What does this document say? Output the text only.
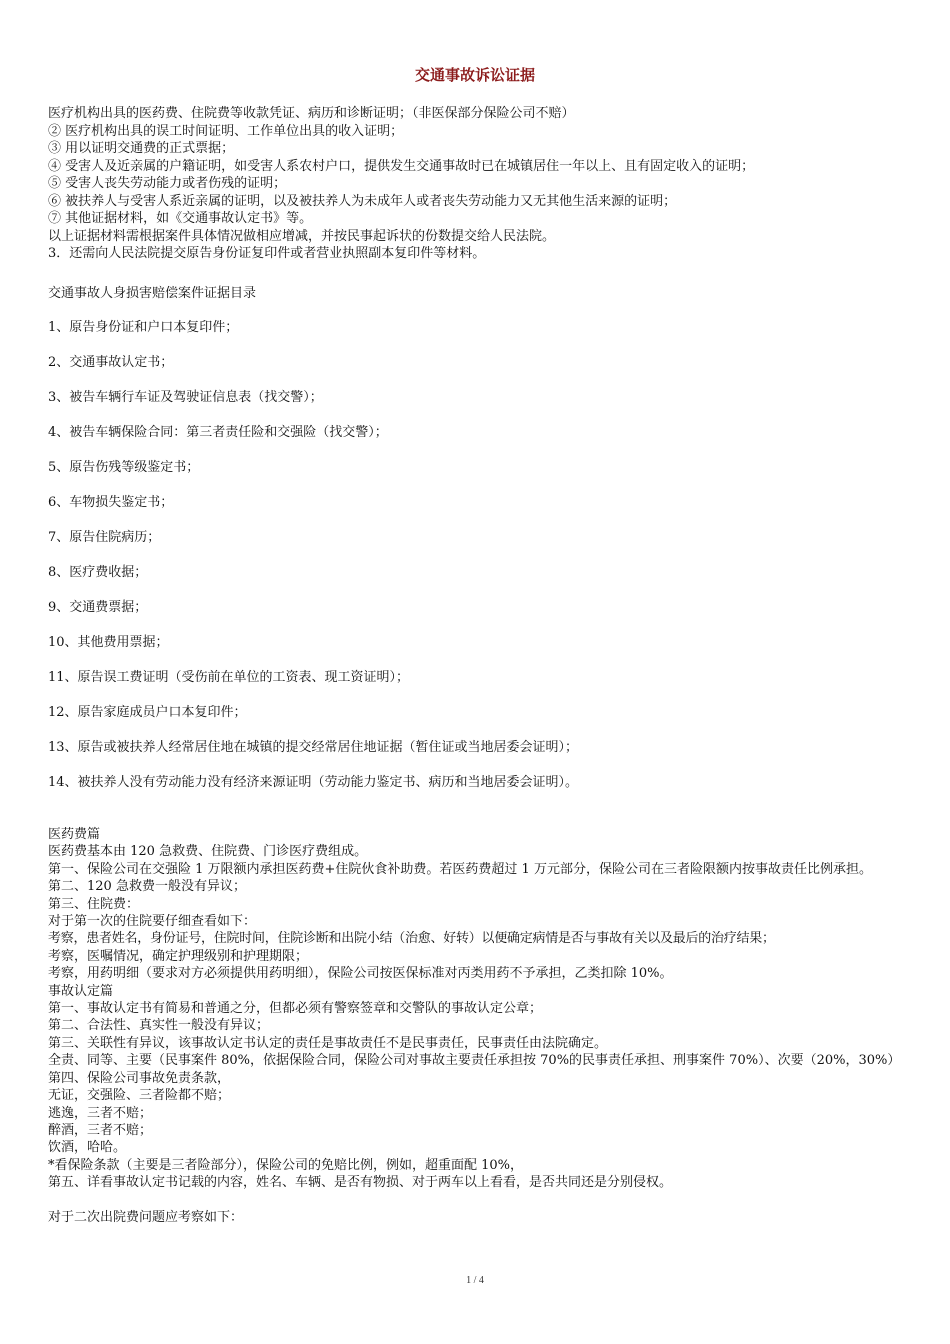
交通事故诉讼证据
医疗机构出具的医药费、住院费等收款凭证、病历和诊断证明；（非医保部分保险公司不赔）
② 医疗机构出具的误工时间证明、工作单位出具的收入证明；
③ 用以证明交通费的正式票据；
④ 受害人及近亲属的户籍证明，如受害人系农村户口，提供发生交通事故时已在城镇居住一年以上、且有固定收入的证明；
⑤ 受害人丧失劳动能力或者伤残的证明；
⑥ 被扶养人与受害人系近亲属的证明，以及被扶养人为未成年人或者丧失劳动能力又无其他生活来源的证明；
⑦ 其他证据材料，如《交通事故认定书》等。
以上证据材料需根据案件具体情况做相应增减，并按民事起诉状的份数提交给人民法院。
3．还需向人民法院提交原告身份证复印件或者营业执照副本复印件等材料。
交通事故人身损害赔偿案件证据目录
1、原告身份证和户口本复印件；
2、交通事故认定书；
3、被告车辆行车证及驾驶证信息表（找交警）；
4、被告车辆保险合同：第三者责任险和交强险（找交警）；
5、原告伤残等级鉴定书；
6、车物损失鉴定书；
7、原告住院病历；
8、医疗费收据；
9、交通费票据；
10、其他费用票据；
11、原告误工费证明（受伤前在单位的工资表、现工资证明）；
12、原告家庭成员户口本复印件；
13、原告或被扶养人经常居住地在城镇的提交经常居住地证据（暂住证或当地居委会证明）；
14、被扶养人没有劳动能力没有经济来源证明（劳动能力鉴定书、病历和当地居委会证明）。
医药费篇
医药费基本由 120 急救费、住院费、门诊医疗费组成。
第一、保险公司在交强险 1 万限额内承担医药费+住院伙食补助费。若医药费超过 1 万元部分，保险公司在三者险限额内按事故责任比例承担。
第二、120 急救费一般没有异议；
第三、住院费：
对于第一次的住院要仔细查看如下：
考察，患者姓名，身份证号，住院时间，住院诊断和出院小结（治愈、好转）以便确定病情是否与事故有关以及最后的治疗结果；
考察，医嘱情况，确定护理级别和护理期限；
考察，用药明细（要求对方必须提供用药明细），保险公司按医保标准对丙类用药不予承担，乙类扣除 10%。
事故认定篇
第一、事故认定书有简易和普通之分，但都必须有警察签章和交警队的事故认定公章；
第二、合法性、真实性一般没有异议；
第三、关联性有异议，该事故认定书认定的责任是事故责任不是民事责任，民事责任由法院确定。
全责、同等、主要（民事案件 80%，依据保险合同，保险公司对事故主要责任承担按 70%的民事责任承担、刑事案件 70%）、次要（20%，30%）
第四、保险公司事故免责条款，
无证，交强险、三者险都不赔；
逃逸，三者不赔；
醉酒，三者不赔；
饮酒，哈哈。
*看保险条款（主要是三者险部分），保险公司的免赔比例，例如，超重面配 10%，
第五、详看事故认定书记载的内容，姓名、车辆、是否有物损、对于两车以上看看，是否共同还是分别侵权。

对于二次出院费问题应考察如下：
1 / 4
